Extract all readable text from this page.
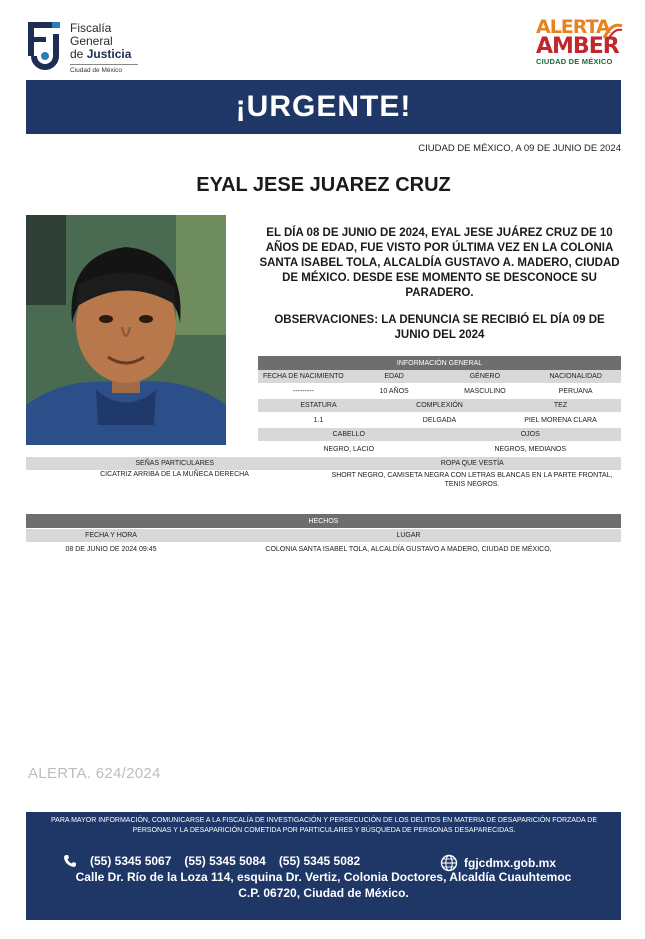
Fiscalía
General
de Justicia
Ciudad de México
ALERTA
AMBER
CIUDAD DE MÉXICO
¡URGENTE!
CIUDAD DE MÉXICO, A 09 DE JUNIO DE 2024
EYAL JESE JUAREZ CRUZ
EL DÍA 08 DE JUNIO DE 2024, EYAL JESE JUÁREZ CRUZ DE 10 AÑOS DE EDAD, FUE VISTO POR ÚLTIMA VEZ EN LA COLONIA SANTA ISABEL TOLA, ALCALDÍA GUSTAVO A. MADERO, CIUDAD DE MÉXICO. DESDE ESE MOMENTO SE DESCONOCE SU PARADERO.
OBSERVACIONES: LA DENUNCIA SE RECIBIÓ EL DÍA 09 DE JUNIO DEL 2024
INFORMACIÓN GENERAL
FECHA DE NACIMIENTO	EDAD	GÉNERO	NACIONALIDAD
---------	10 AÑOS	MASCULINO	PERUANA
ESTATURA	COMPLEXIÓN	TEZ
1.1	DELGADA	PIEL MORENA CLARA
CABELLO	OJOS
NEGRO, LACIO	NEGROS, MEDIANOS
SEÑAS PARTICULARES	ROPA QUE VESTÍA
CICATRIZ ARRIBA DE LA MUÑECA DERECHA	SHORT NEGRO, CAMISETA NEGRA CON LETRAS BLANCAS EN LA PARTE FRONTAL, TENIS NEGROS.
HECHOS
FECHA Y HORA	LUGAR
08 DE JUNIO DE 2024 09:45	COLONIA SANTA ISABEL TOLA, ALCALDÍA GUSTAVO A MADERO, CIUDAD DE MÉXICO,
ALERTA. 624/2024
PARA MAYOR INFORMACIÓN, COMUNICARSE A LA FISCALÍA DE INVESTIGACIÓN Y PERSECUCIÓN DE LOS DELITOS EN MATERIA DE DESAPARICIÓN FORZADA DE PERSONAS Y LA DESAPARICIÓN COMETIDA POR PARTICULARES Y BÚSQUEDA DE PERSONAS DESAPARECIDAS.
(55) 5345 5067 (55) 5345 5084 (55) 5345 5082	fgjcdmx.gob.mx
Calle Dr. Río de la Loza 114, esquina Dr. Vertiz, Colonia Doctores, Alcaldía Cuauhtemoc
C.P. 06720, Ciudad de México.
